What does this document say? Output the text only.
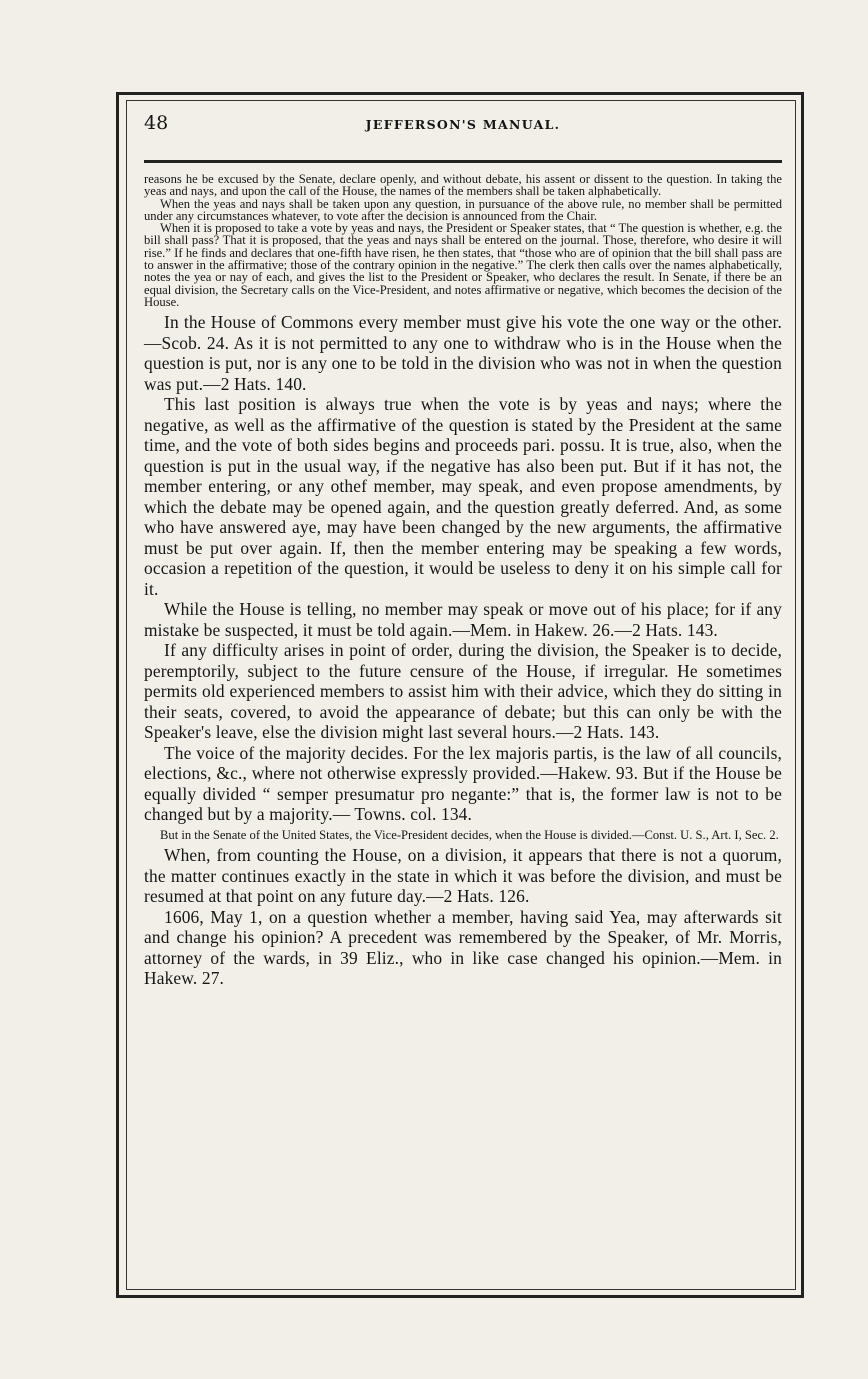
48	JEFFERSON'S MANUAL.

reasons he be excused by the Senate, declare openly, and without debate, his assent or dissent to the question. In taking the yeas and nays, and upon the call of the House, the names of the members shall be taken alphabetically.

When the yeas and nays shall be taken upon any question, in pursuance of the above rule, no member shall be permitted under any circumstances whatever, to vote after the decision is announced from the Chair.

When it is proposed to take a vote by yeas and nays, the President or Speaker states, that “ The question is whether, e.g. the bill shall pass? That it is proposed, that the yeas and nays shall be entered on the journal. Those, therefore, who desire it will rise.” If he finds and declares that one-fifth have risen, he then states, that “those who are of opinion that the bill shall pass are to answer in the affirmative; those of the contrary opinion in the negative.” The clerk then calls over the names alphabetically, notes the yea or nay of each, and gives the list to the President or Speaker, who declares the result. In Senate, if there be an equal division, the Secretary calls on the Vice-President, and notes affirmative or negative, which becomes the decision of the House.

In the House of Commons every member must give his vote the one way or the other.—Scob. 24. As it is not permitted to any one to withdraw who is in the House when the question is put, nor is any one to be told in the division who was not in when the question was put.—2 Hats. 140.

This last position is always true when the vote is by yeas and nays; where the negative, as well as the affirmative of the question is stated by the President at the same time, and the vote of both sides begins and proceeds pari. possu. It is true, also, when the question is put in the usual way, if the negative has also been put. But if it has not, the member entering, or any othef member, may speak, and even propose amendments, by which the debate may be opened again, and the question greatly deferred. And, as some who have answered aye, may have been changed by the new arguments, the affirmative must be put over again. If, then the member entering may be speaking a few words, occasion a repetition of the question, it would be useless to deny it on his simple call for it.

While the House is telling, no member may speak or move out of his place; for if any mistake be suspected, it must be told again.—Mem. in Hakew. 26.—2 Hats. 143.

If any difficulty arises in point of order, during the division, the Speaker is to decide, peremptorily, subject to the future censure of the House, if irregular. He sometimes permits old experienced members to assist him with their advice, which they do sitting in their seats, covered, to avoid the appearance of debate; but this can only be with the Speaker's leave, else the division might last several hours.—2 Hats. 143.

The voice of the majority decides. For the lex majoris partis, is the law of all councils, elections, &c., where not otherwise expressly provided.—Hakew. 93. But if the House be equally divided “ semper presumatur pro negante:” that is, the former law is not to be changed but by a majority.— Towns. col. 134.

But in the Senate of the United States, the Vice-President decides, when the House is divided.—Const. U. S., Art. I, Sec. 2.

When, from counting the House, on a division, it appears that there is not a quorum, the matter continues exactly in the state in which it was before the division, and must be resumed at that point on any future day.—2 Hats. 126.

1606, May 1, on a question whether a member, having said Yea, may afterwards sit and change his opinion? A precedent was remembered by the Speaker, of Mr. Morris, attorney of the wards, in 39 Eliz., who in like case changed his opinion.—Mem. in Hakew. 27.
